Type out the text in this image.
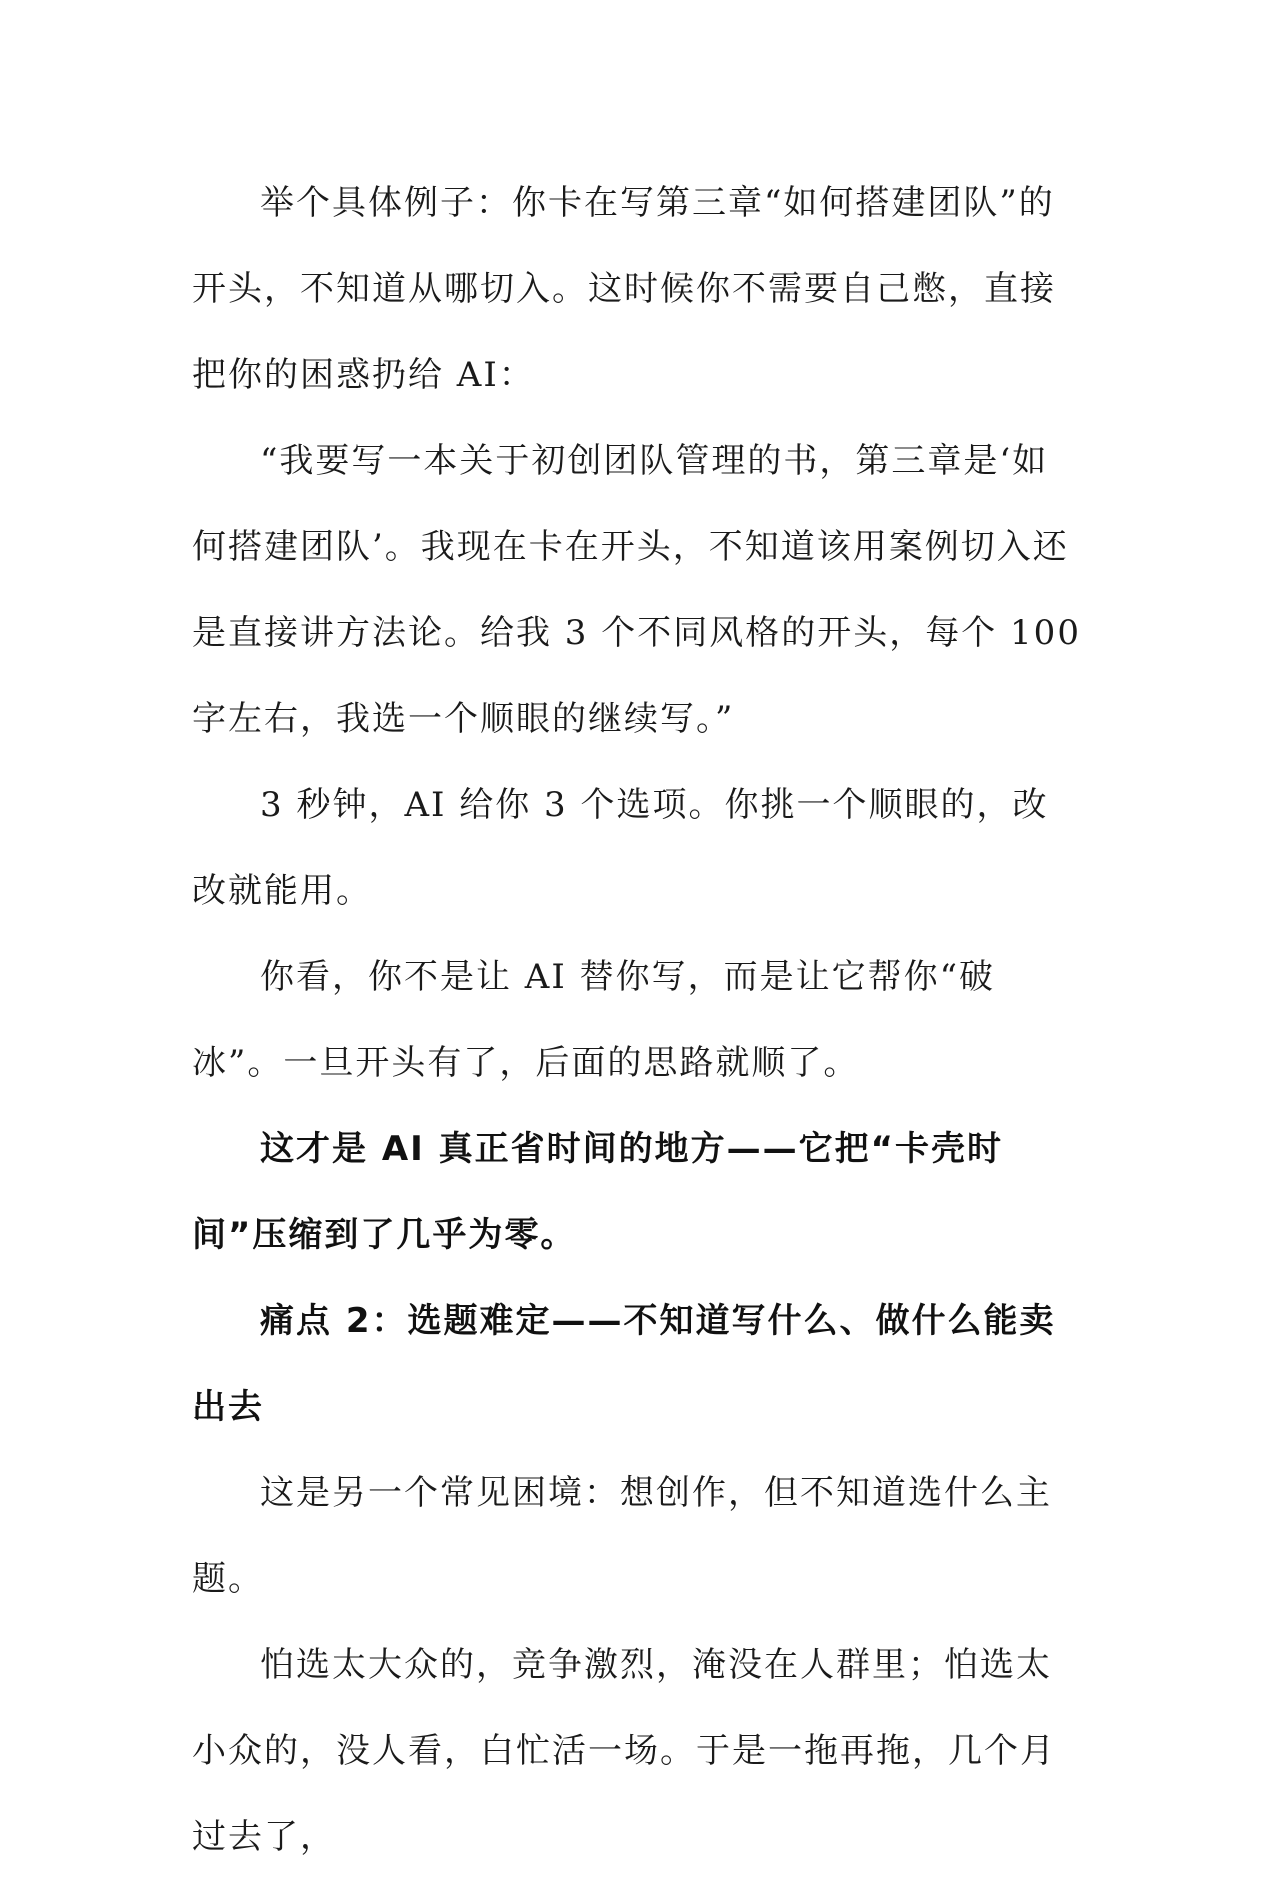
举个具体例子：你卡在写第三章“如何搭建团队”的开头，不知道从哪切入。这时候你不需要自己憋，直接把你的困惑扔给 AI：

“我要写一本关于初创团队管理的书，第三章是‘如何搭建团队’。我现在卡在开头，不知道该用案例切入还是直接讲方法论。给我 3 个不同风格的开头，每个 100 字左右，我选一个顺眼的继续写。”

3 秒钟，AI 给你 3 个选项。你挑一个顺眼的，改改就能用。

你看，你不是让 AI 替你写，而是让它帮你“破冰”。一旦开头有了，后面的思路就顺了。

这才是 AI 真正省时间的地方——它把“卡壳时间”压缩到了几乎为零。

痛点 2：选题难定——不知道写什么、做什么能卖出去

这是另一个常见困境：想创作，但不知道选什么主题。

怕选太大众的，竞争激烈，淹没在人群里；怕选太小众的，没人看，白忙活一场。于是一拖再拖，几个月过去了，
